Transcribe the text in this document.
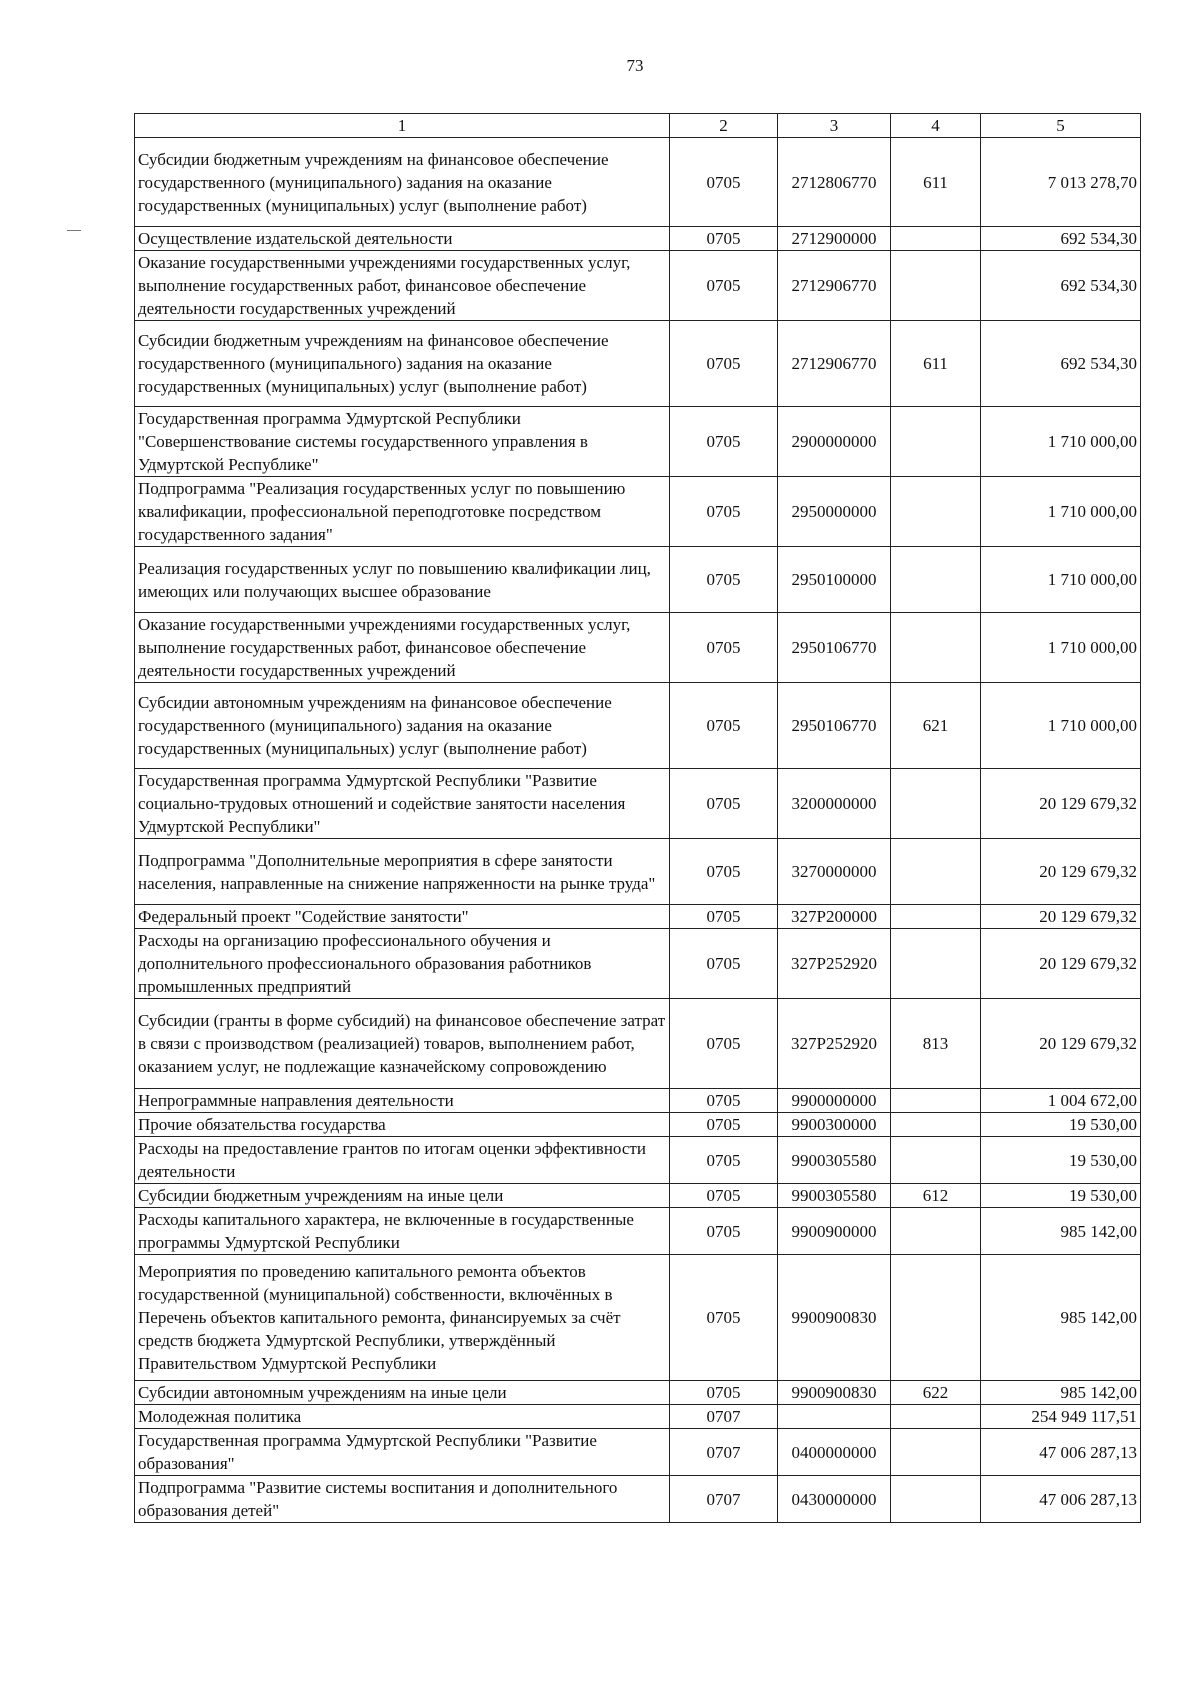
73
1	2	3	4	5
Субсидии бюджетным учреждениям на финансовое обеспечение государственного (муниципального) задания на оказание государственных (муниципальных) услуг (выполнение работ)	0705	2712806770	611	7 013 278,70
Осуществление издательской деятельности	0705	2712900000		692 534,30
Оказание государственными учреждениями государственных услуг, выполнение государственных работ, финансовое обеспечение деятельности государственных учреждений	0705	2712906770		692 534,30
Субсидии бюджетным учреждениям на финансовое обеспечение государственного (муниципального) задания на оказание государственных (муниципальных) услуг (выполнение работ)	0705	2712906770	611	692 534,30
Государственная программа Удмуртской Республики "Совершенствование системы государственного управления в Удмуртской Республике"	0705	2900000000		1 710 000,00
Подпрограмма "Реализация государственных услуг по повышению квалификации, профессиональной переподготовке посредством государственного задания"	0705	2950000000		1 710 000,00
Реализация государственных услуг по повышению квалификации лиц, имеющих или получающих высшее образование	0705	2950100000		1 710 000,00
Оказание государственными учреждениями государственных услуг, выполнение государственных работ, финансовое обеспечение деятельности государственных учреждений	0705	2950106770		1 710 000,00
Субсидии автономным учреждениям на финансовое обеспечение государственного (муниципального) задания на оказание государственных (муниципальных) услуг (выполнение работ)	0705	2950106770	621	1 710 000,00
Государственная программа Удмуртской Республики "Развитие социально-трудовых отношений и содействие занятости населения Удмуртской Республики"	0705	3200000000		20 129 679,32
Подпрограмма "Дополнительные мероприятия в сфере занятости населения, направленные на снижение напряженности на рынке труда"	0705	3270000000		20 129 679,32
Федеральный проект "Содействие занятости"	0705	327P200000		20 129 679,32
Расходы на организацию профессионального обучения и дополнительного профессионального образования работников промышленных предприятий	0705	327P252920		20 129 679,32
Субсидии (гранты в форме субсидий) на финансовое обеспечение затрат в связи с производством (реализацией) товаров, выполнением работ, оказанием услуг, не подлежащие казначейскому сопровождению	0705	327P252920	813	20 129 679,32
Непрограммные направления деятельности	0705	9900000000		1 004 672,00
Прочие обязательства государства	0705	9900300000		19 530,00
Расходы на предоставление грантов по итогам оценки эффективности деятельности	0705	9900305580		19 530,00
Субсидии бюджетным учреждениям на иные цели	0705	9900305580	612	19 530,00
Расходы капитального характера, не включенные в государственные программы Удмуртской Республики	0705	9900900000		985 142,00
Мероприятия по проведению капитального ремонта объектов государственной (муниципальной) собственности, включённых в Перечень объектов капитального ремонта, финансируемых за счёт средств бюджета Удмуртской Республики, утверждённый Правительством Удмуртской Республики	0705	9900900830		985 142,00
Субсидии автономным учреждениям на иные цели	0705	9900900830	622	985 142,00
Молодежная политика	0707			254 949 117,51
Государственная программа Удмуртской Республики "Развитие образования"	0707	0400000000		47 006 287,13
Подпрограмма "Развитие системы воспитания и дополнительного образования детей"	0707	0430000000		47 006 287,13
